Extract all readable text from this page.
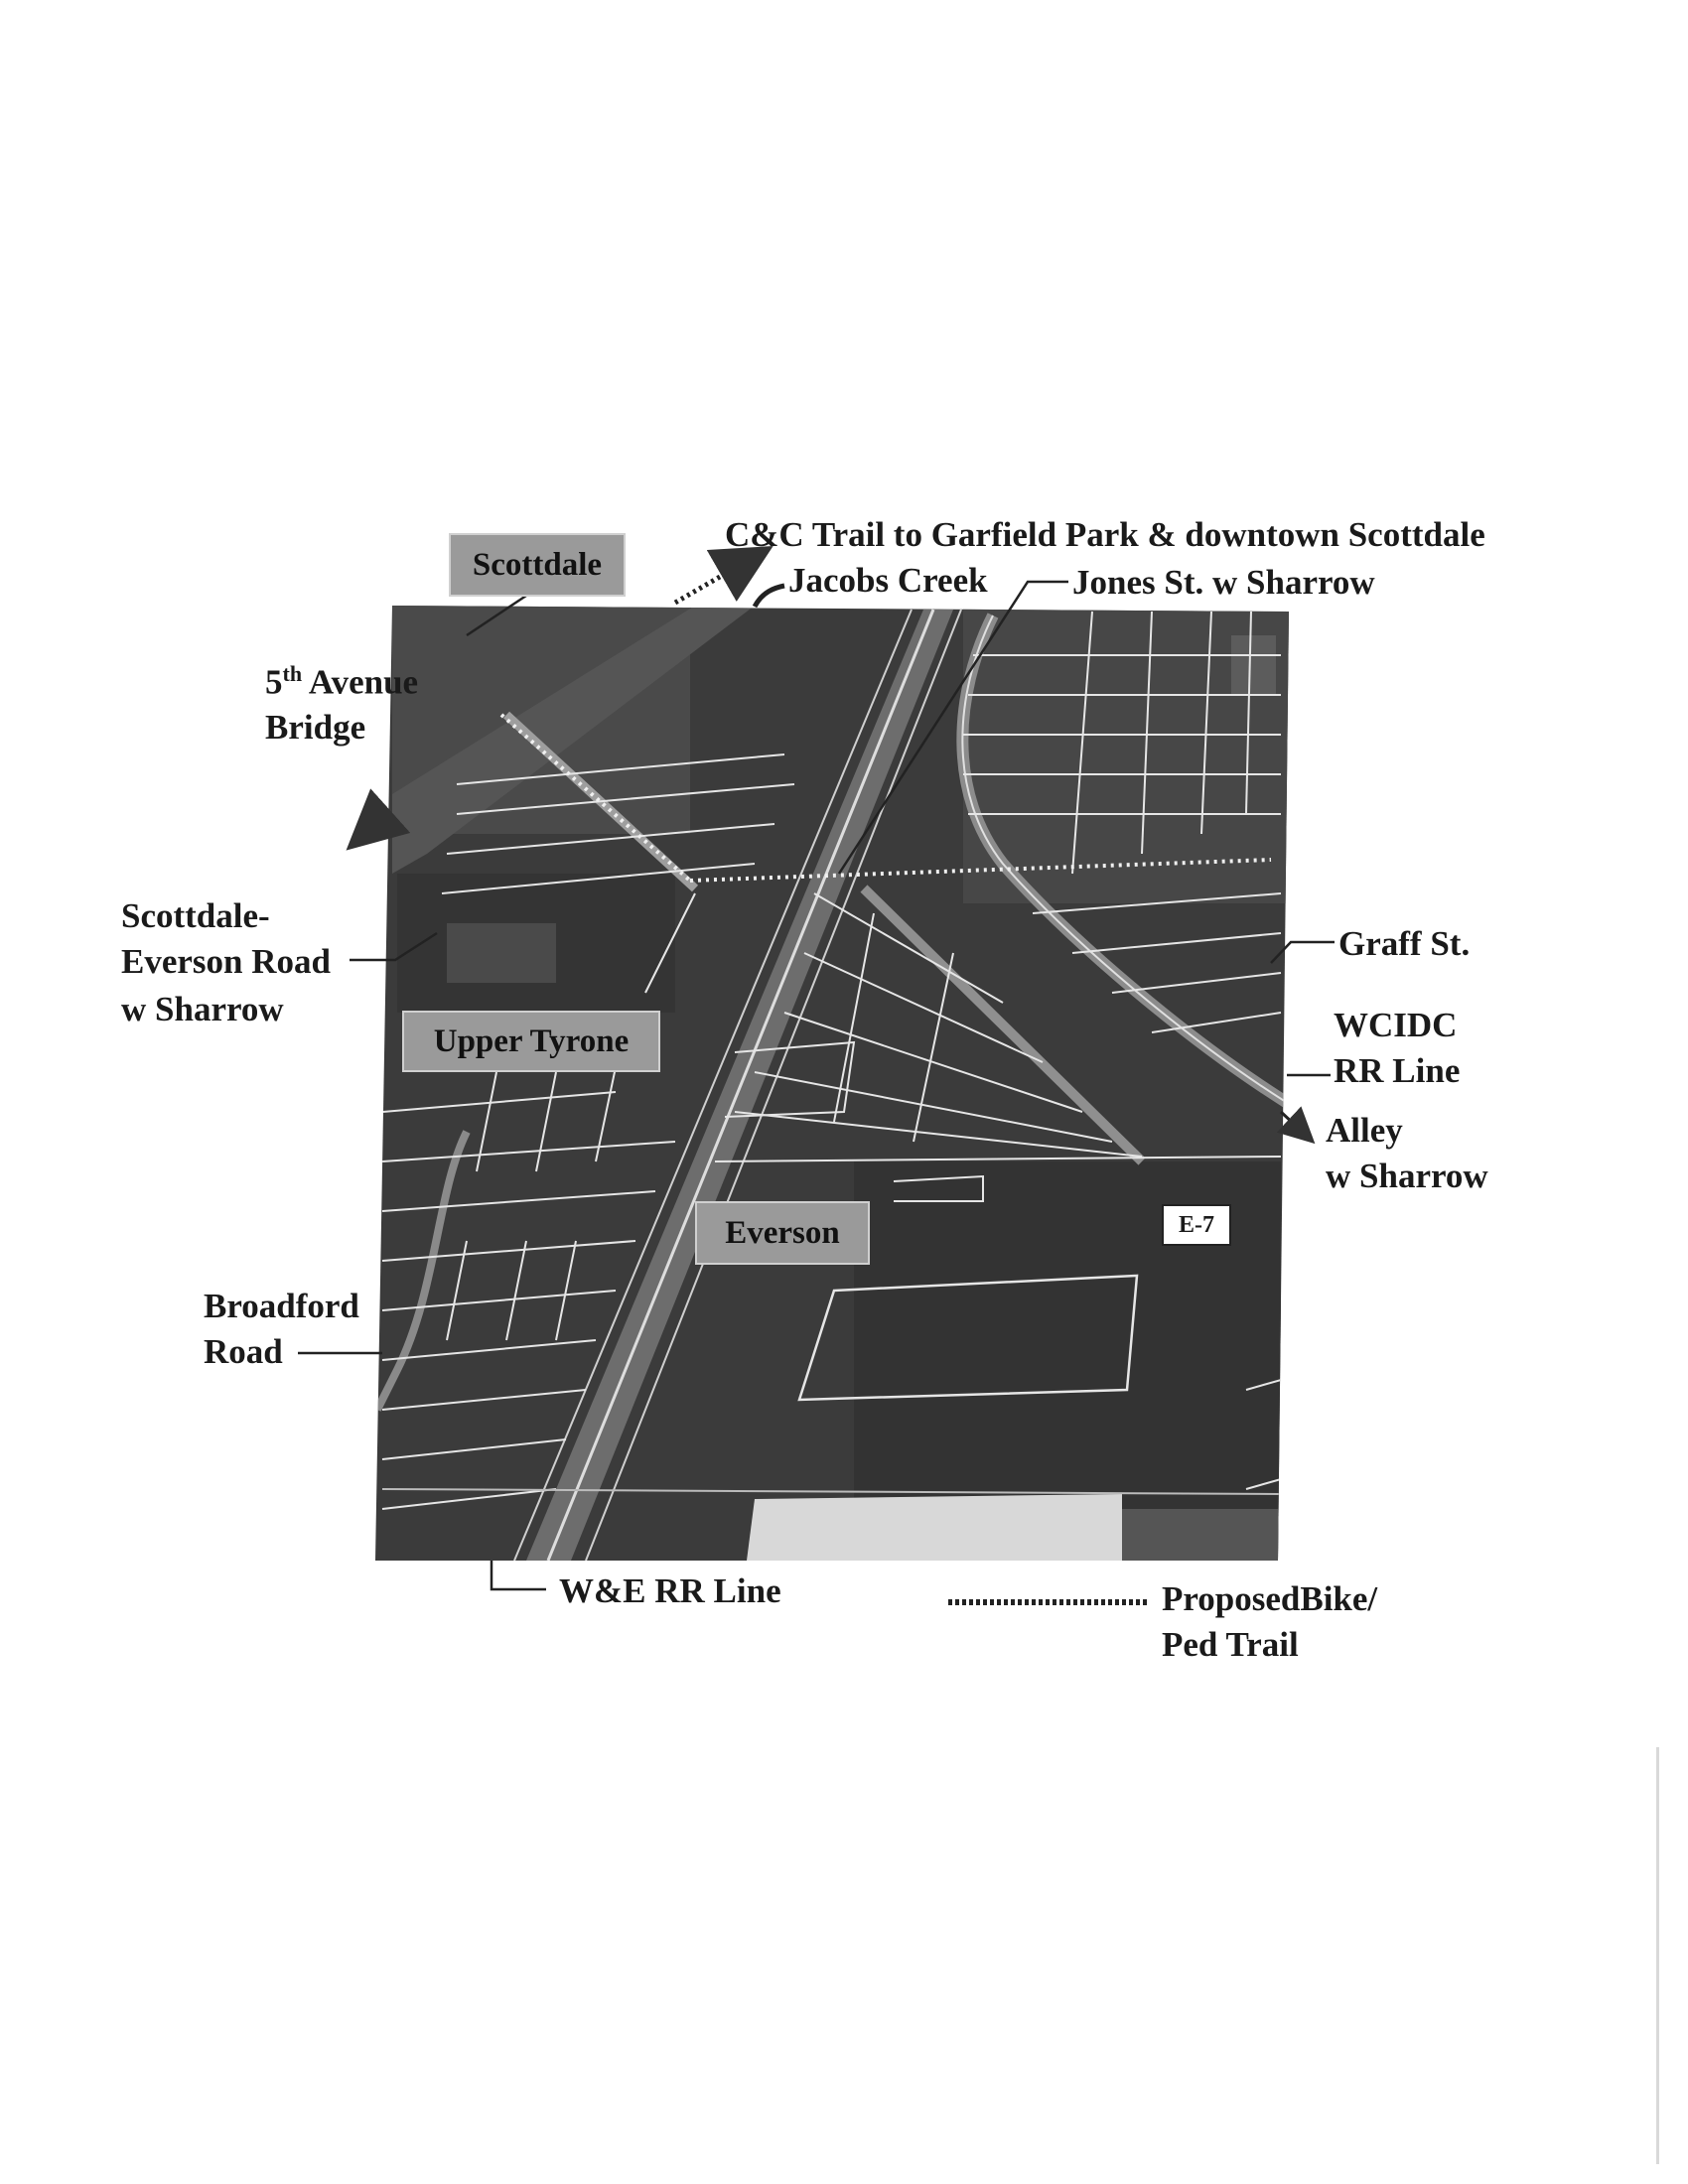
Scottdale
Upper Tyrone
Everson	E-7
C&C Trail to Garfield Park & downtown Scottdale
Jacobs Creek Jones St. w Sharrow
5th Avenue
Bridge
Scottdale-
Everson Road
w Sharrow
Graff St.
WCIDC
RR Line
Alley
w Sharrow
Broadford
Road
W&E RR Line	ProposedBike/
Ped Trail
